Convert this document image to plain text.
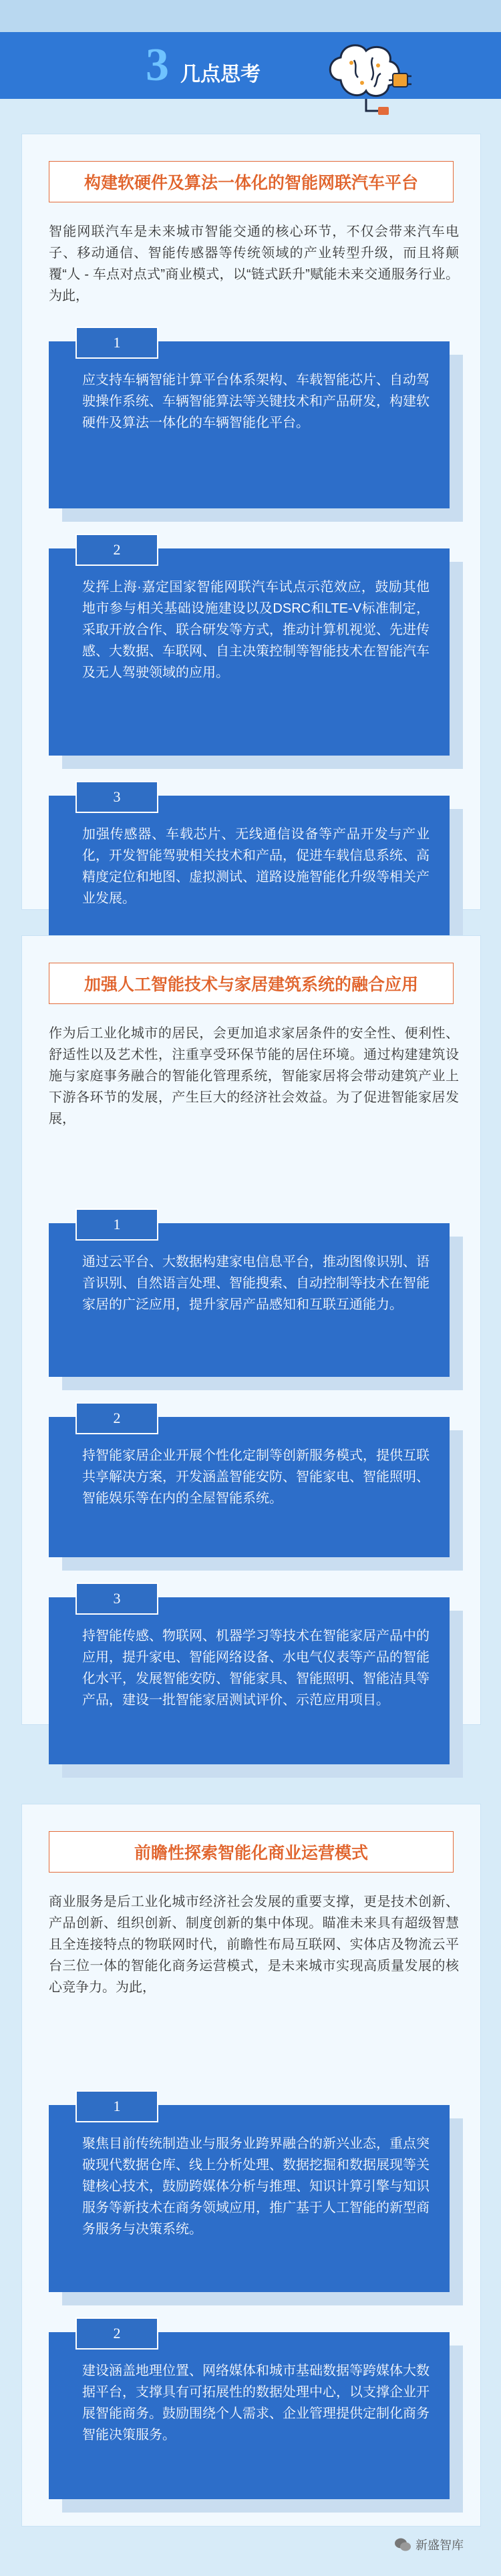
3 几点思考
构建软硬件及算法一体化的智能网联汽车平台
智能网联汽车是未来城市智能交通的核心环节，不仅会带来汽车电子、移动通信、智能传感器等传统领域的产业转型升级，而且将颠覆“人 - 车点对点式”商业模式，以“链式跃升”赋能未来交通服务行业。为此，
1
应支持车辆智能计算平台体系架构、车载智能芯片、自动驾驶操作系统、车辆智能算法等关键技术和产品研发，构建软硬件及算法一体化的车辆智能化平台。
2
发挥上海·嘉定国家智能网联汽车试点示范效应，鼓励其他地市参与相关基础设施建设以及DSRC和LTE-V标准制定，采取开放合作、联合研发等方式，推动计算机视觉、先进传感、大数据、车联网、自主决策控制等智能技术在智能汽车及无人驾驶领域的应用。
3
加强传感器、车载芯片、无线通信设备等产品开发与产业化，开发智能驾驶相关技术和产品，促进车载信息系统、高精度定位和地图、虚拟测试、道路设施智能化升级等相关产业发展。
加强人工智能技术与家居建筑系统的融合应用
作为后工业化城市的居民，会更加追求家居条件的安全性、便利性、舒适性以及艺术性，注重享受环保节能的居住环境。通过构建建筑设施与家庭事务融合的智能化管理系统，智能家居将会带动建筑产业上下游各环节的发展，产生巨大的经济社会效益。为了促进智能家居发展，
1
通过云平台、大数据构建家电信息平台，推动图像识别、语音识别、自然语言处理、智能搜索、自动控制等技术在智能家居的广泛应用，提升家居产品感知和互联互通能力。
2
持智能家居企业开展个性化定制等创新服务模式，提供互联共享解决方案，开发涵盖智能安防、智能家电、智能照明、智能娱乐等在内的全屋智能系统。
3
持智能传感、物联网、机器学习等技术在智能家居产品中的应用，提升家电、智能网络设备、水电气仪表等产品的智能化水平，发展智能安防、智能家具、智能照明、智能洁具等产品，建设一批智能家居测试评价、示范应用项目。
前瞻性探索智能化商业运营模式
商业服务是后工业化城市经济社会发展的重要支撑，更是技术创新、产品创新、组织创新、制度创新的集中体现。瞄准未来具有超级智慧且全连接特点的物联网时代，前瞻性布局互联网、实体店及物流云平台三位一体的智能化商务运营模式，是未来城市实现高质量发展的核心竞争力。为此，
1
聚焦目前传统制造业与服务业跨界融合的新兴业态，重点突破现代数据仓库、线上分析处理、数据挖掘和数据展现等关键核心技术，鼓励跨媒体分析与推理、知识计算引擎与知识服务等新技术在商务领域应用，推广基于人工智能的新型商务服务与决策系统。
2
建设涵盖地理位置、网络媒体和城市基础数据等跨媒体大数据平台，支撑具有可拓展性的数据处理中心，以支撑企业开展智能商务。鼓励围绕个人需求、企业管理提供定制化商务智能决策服务。
新盛智库
